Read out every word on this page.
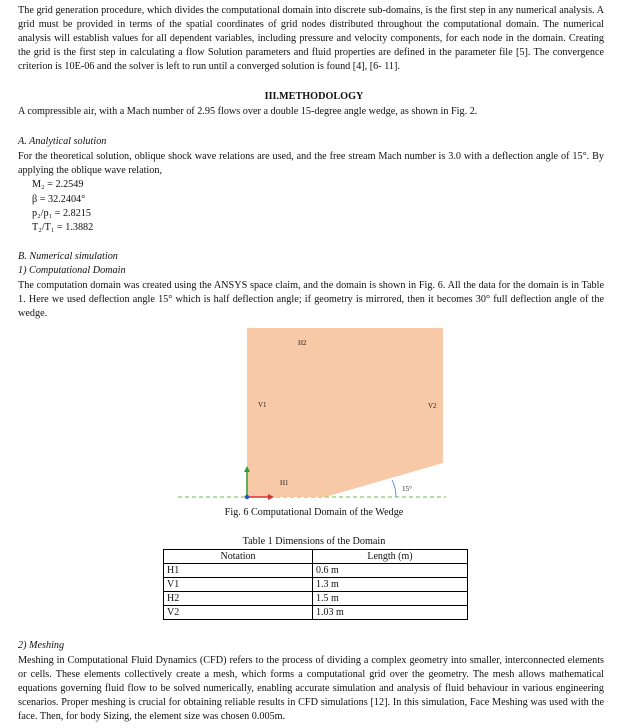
The grid generation procedure, which divides the computational domain into discrete sub-domains, is the first step in any numerical analysis. A grid must be provided in terms of the spatial coordinates of grid nodes distributed throughout the computational domain. The numerical analysis will establish values for all dependent variables, including pressure and velocity components, for each node in the domain. Creating the grid is the first step in calculating a flow Solution parameters and fluid properties are defined in the parameter file [5]. The convergence criterion is 10E-06 and the solver is left to run until a converged solution is found [4], [6- 11].

III.METHODOLOGY

A compressible air, with a Mach number of 2.95 flows over a double 15-degree angle wedge, as shown in Fig. 2.

A. Analytical solution

For the theoretical solution, oblique shock wave relations are used, and the free stream Mach number is 3.0 with a deflection angle of 15°. By applying the oblique wave relation,

M₂ = 2.2549

β = 32.2404°

p₂/p₁ = 2.8215

T₂/T₁ = 1.3882

B. Numerical simulation

1) Computational Domain

The computation domain was created using the ANSYS space claim, and the domain is shown in Fig. 6. All the data for the domain is in Table 1. Here we used deflection angle 15° which is half deflection angle; if geometry is mirrored, then it becomes 30° full deflection angle of the wedge.

H2
V1	V2
H1
15°
Fig. 6 Computational Domain of the Wedge
Table 1 Dimensions of the Domain
Notation	Length (m)
H1	0.6 m
V1	1.3 m
H2	1.5 m
V2	1.03 m

2) Meshing

Meshing in Computational Fluid Dynamics (CFD) refers to the process of dividing a complex geometry into smaller, interconnected elements or cells. These elements collectively create a mesh, which forms a computational grid over the geometry. The mesh allows mathematical equations governing fluid flow to be solved numerically, enabling accurate simulation and analysis of fluid behaviour in various engineering scenarios. Proper meshing is crucial for obtaining reliable results in CFD simulations [12]. In this simulation, Face Meshing was used with the face. Then, for body Sizing, the element size was chosen 0.005m.
